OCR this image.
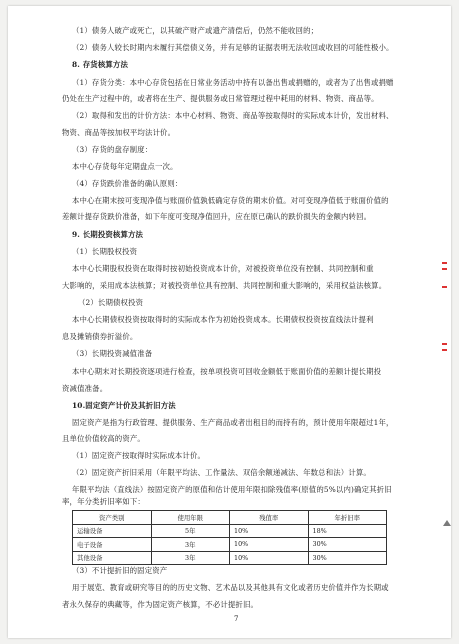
（1）债务人破产或死亡，以其破产财产或遗产清偿后，仍然不能收回的；
（2）债务人较长时期内未履行其偿债义务，并有足够的证据表明无法收回或收回的可能性极小。
8. 存货核算方法
（1）存货分类：本中心存货包括在日常业务活动中持有以备出售或捐赠的，或者为了出售或捐赠
仍处在生产过程中的，或者将在生产、提供服务或日常管理过程中耗用的材料、物资、商品等。
（2）取得和发出的计价方法：本中心材料、物资、商品等按取得时的实际成本计价，发出材料、
物资、商品等按加权平均法计价。
（3）存货的盘存制度：
本中心存货每年定期盘点一次。
（4）存货跌价准备的确认原则：
本中心在期末按可变现净值与账面价值孰低确定存货的期末价值。对可变现净值低于账面价值的
差额计提存货跌价准备，如下年度可变现净值回升，应在原已确认的跌价损失的金额内转回。
9. 长期投资核算方法
（1）长期股权投资
本中心长期股权投资在取得时按初始投资成本计价，对被投资单位没有控制、共同控制和重
大影响的，采用成本法核算；对被投资单位具有控制、共同控制和重大影响的，采用权益法核算。
（2）长期债权投资
本中心长期债权投资按取得时的实际成本作为初始投资成本。长期债权投资按直线法计提利
息及摊销债券折溢价。
（3）长期投资减值准备
本中心期末对长期投资逐项进行检查，按单项投资可回收金额低于账面价值的差额计提长期投
资减值准备。
10.固定资产计价及其折旧方法
固定资产是指为行政管理、提供服务、生产商品或者出租目的而持有的，预计使用年限超过1年，
且单位价值较高的资产。
（1）固定资产按取得时实际成本计价。
（2）固定资产折旧采用（年限平均法、工作量法、双倍余额递减法、年数总和法）计算。
年限平均法（直线法）按固定资产的原值和估计使用年限扣除残值率(原值的5%以内)确定其折旧
率，年分类折旧率如下：
资产类别	使用年限	残值率	年折旧率
运输设备	5年	10%	18%
电子设备	3年	10%	30%
其他设备	3年	10%	30%
（3）不计提折旧的固定资产
用于展览、教育或研究等目的的历史文物、艺术品以及其他具有文化或者历史价值并作为长期或
者永久保存的典藏等，作为固定资产核算，不必计提折旧。
7
